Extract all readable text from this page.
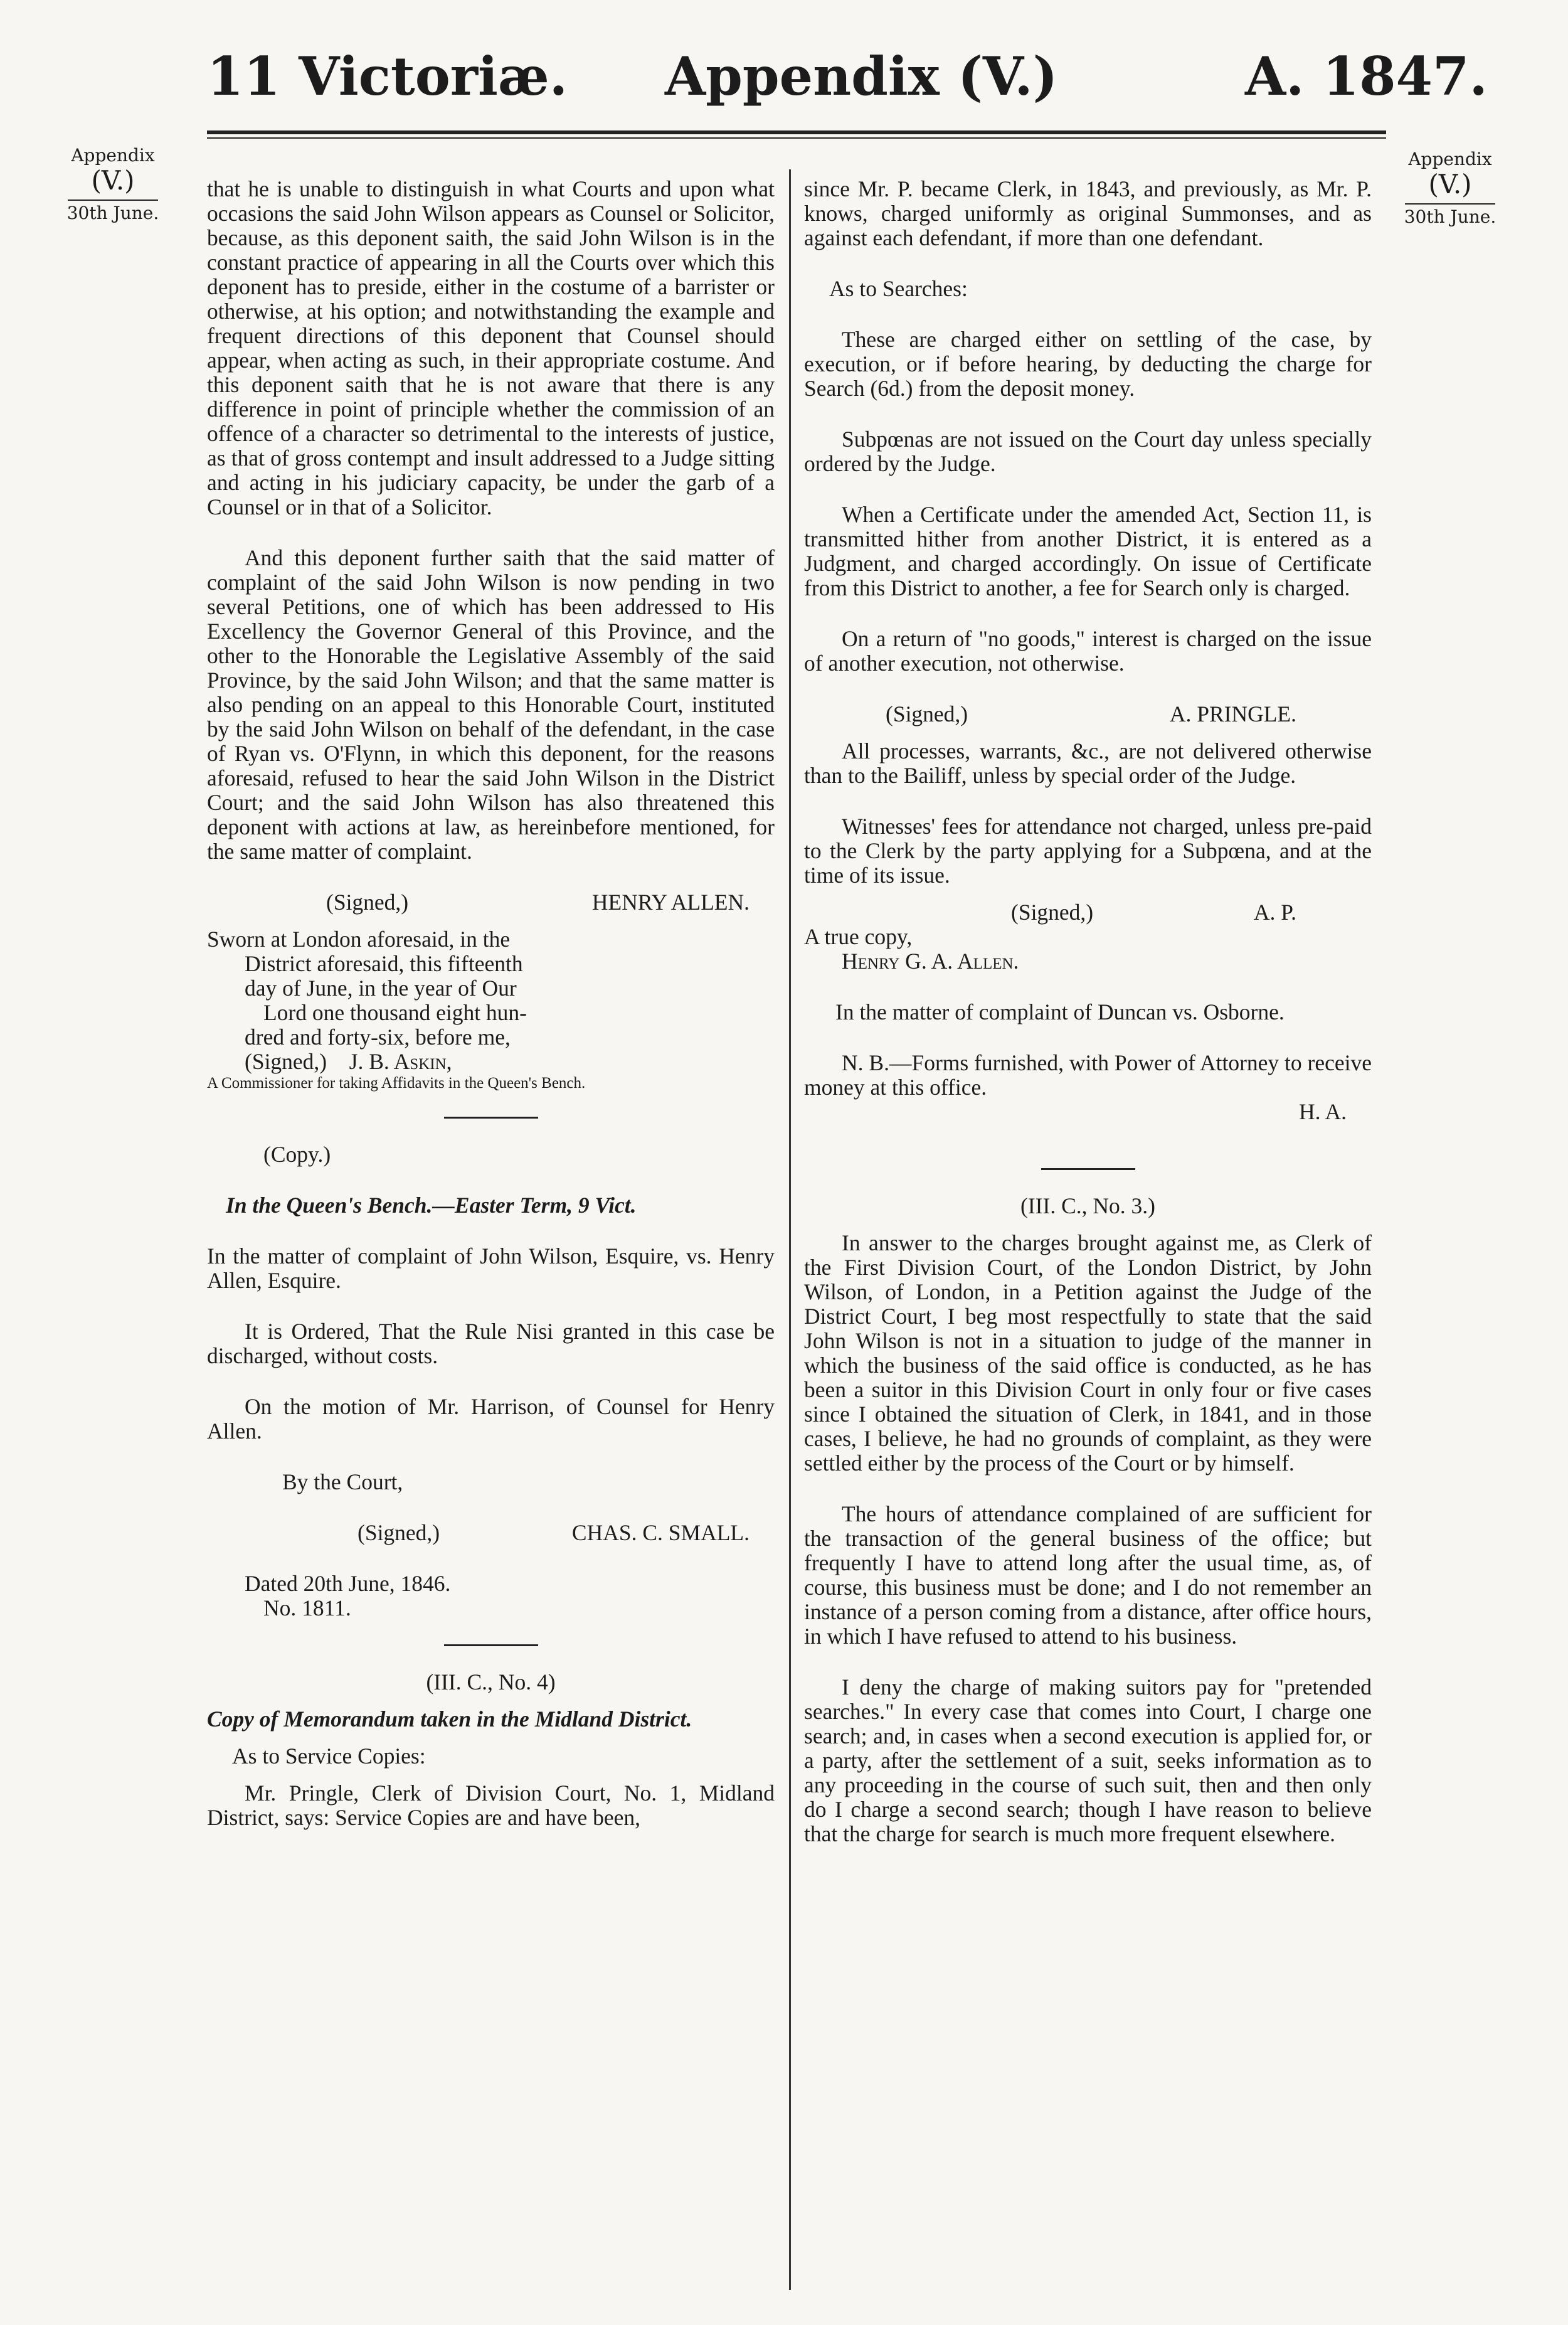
11 Victoriæ. Appendix (V.)	A. 1847.
Appendix
(V.)
30th June.
Appendix
(V.)
30th June.

that he is unable to distinguish in what Courts and upon what occasions the said John Wilson appears as Counsel or Solicitor, because, as this deponent saith, the said John Wilson is in the constant practice of appearing in all the Courts over which this deponent has to preside, either in the costume of a barrister or otherwise, at his option; and notwithstanding the example and frequent directions of this deponent that Counsel should appear, when acting as such, in their appropriate costume. And this deponent saith that he is not aware that there is any difference in point of principle whether the commission of an offence of a character so detrimental to the interests of justice, as that of gross contempt and insult addressed to a Judge sitting and acting in his judiciary capacity, be under the garb of a Counsel or in that of a Solicitor.

And this deponent further saith that the said matter of complaint of the said John Wilson is now pending in two several Petitions, one of which has been addressed to His Excellency the Governor General of this Province, and the other to the Honorable the Legislative Assembly of the said Province, by the said John Wilson; and that the same matter is also pending on an appeal to this Honorable Court, instituted by the said John Wilson on behalf of the defendant, in the case of Ryan vs. O'Flynn, in which this deponent, for the reasons aforesaid, refused to hear the said John Wilson in the District Court; and the said John Wilson has also threatened this deponent with actions at law, as hereinbefore mentioned, for the same matter of complaint.

(Signed,)	HENRY ALLEN.

Sworn at London aforesaid, in the
District aforesaid, this fifteenth
day of June, in the year of Our
Lord one thousand eight hun-
dred and forty-six, before me,

(Signed,) J. B. Askin,

A Commissioner for taking Affidavits in the Queen's Bench.

(Copy.)

In the Queen's Bench.—Easter Term, 9 Vict.

In the matter of complaint of John Wilson, Esquire, vs. Henry Allen, Esquire.

It is Ordered, That the Rule Nisi granted in this case be discharged, without costs.

On the motion of Mr. Harrison, of Counsel for Henry Allen.

By the Court,

(Signed,)	CHAS. C. SMALL.

Dated 20th June, 1846.

No. 1811.

(III. C., No. 4)

Copy of Memorandum taken in the Midland District.

As to Service Copies:

Mr. Pringle, Clerk of Division Court, No. 1, Midland District, says: Service Copies are and have been,

since Mr. P. became Clerk, in 1843, and previously, as Mr. P. knows, charged uniformly as original Summonses, and as against each defendant, if more than one defendant.

As to Searches:

These are charged either on settling of the case, by execution, or if before hearing, by deducting the charge for Search (6d.) from the deposit money.

Subpœnas are not issued on the Court day unless specially ordered by the Judge.

When a Certificate under the amended Act, Section 11, is transmitted hither from another District, it is entered as a Judgment, and charged accordingly. On issue of Certificate from this District to another, a fee for Search only is charged.

On a return of "no goods," interest is charged on the issue of another execution, not otherwise.

(Signed,)	A. PRINGLE.

All processes, warrants, &c., are not delivered otherwise than to the Bailiff, unless by special order of the Judge.

Witnesses' fees for attendance not charged, unless pre-paid to the Clerk by the party applying for a Subpœna, and at the time of its issue.

(Signed,)	A. P.

A true copy,

Henry G. A. Allen.

In the matter of complaint of Duncan vs. Osborne.

N. B.—Forms furnished, with Power of Attorney to receive money at this office.

H. A.

(III. C., No. 3.)

In answer to the charges brought against me, as Clerk of the First Division Court, of the London District, by John Wilson, of London, in a Petition against the Judge of the District Court, I beg most respectfully to state that the said John Wilson is not in a situation to judge of the manner in which the business of the said office is conducted, as he has been a suitor in this Division Court in only four or five cases since I obtained the situation of Clerk, in 1841, and in those cases, I believe, he had no grounds of complaint, as they were settled either by the process of the Court or by himself.

The hours of attendance complained of are sufficient for the transaction of the general business of the office; but frequently I have to attend long after the usual time, as, of course, this business must be done; and I do not remember an instance of a person coming from a distance, after office hours, in which I have refused to attend to his business.

I deny the charge of making suitors pay for "pretended searches." In every case that comes into Court, I charge one search; and, in cases when a second execution is applied for, or a party, after the settlement of a suit, seeks information as to any proceeding in the course of such suit, then and then only do I charge a second search; though I have reason to believe that the charge for search is much more frequent elsewhere.
